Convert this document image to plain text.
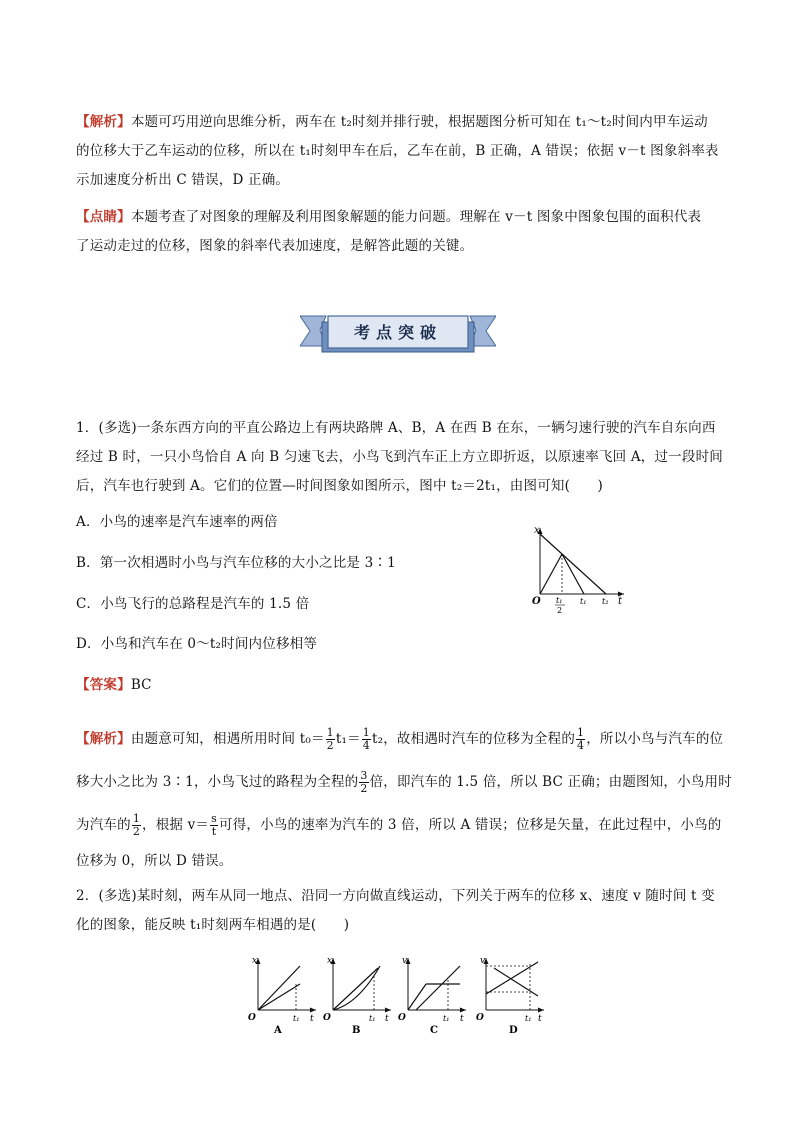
【解析】本题可巧用逆向思维分析，两车在 t₂时刻并排行驶，根据题图分析可知在 t₁～t₂时间内甲车运动
的位移大于乙车运动的位移，所以在 t₁时刻甲车在后，乙车在前，B 正确，A 错误；依据 v－t 图象斜率表
示加速度分析出 C 错误，D 正确。
【点睛】本题考查了对图象的理解及利用图象解题的能力问题。理解在 v－t 图象中图象包围的面积代表
了运动走过的位移，图象的斜率代表加速度，是解答此题的关键。
考点突破
1．(多选)一条东西方向的平直公路边上有两块路牌 A、B，A 在西 B 在东，一辆匀速行驶的汽车自东向西
经过 B 时，一只小鸟恰自 A 向 B 匀速飞去，小鸟飞到汽车正上方立即折返，以原速率飞回 A，过一段时间
后，汽车也行驶到 A。它们的位置—时间图象如图所示，图中 t₂＝2t₁，由图可知(　　)
A．小鸟的速率是汽车速率的两倍
B．第一次相遇时小鸟与汽车位移的大小之比是 3∶1
C．小鸟飞行的总路程是汽车的 1.5 倍
D．小鸟和汽车在 0～t₂时间内位移相等
x
t
O t₁
2
t₁ t₂
【答案】BC
【解析】由题意可知，相遇所用时间 $t_0= \frac{1}{2} t_1= \frac{1}{4} t_2$，故相遇时汽车的位移为全程的 $\frac{1}{4}$ ，所以小鸟与汽车的位
移大小之比为 3∶1，小鸟飞过的路程为全程的 $\frac{3}{2}$ 倍，即汽车的 1.5 倍，所以 BC 正确；由题图知，小鸟用时
为汽车的 $\frac{1}{2}$ ，根据 $v= \frac{s}{t}$ 可得，小鸟的速率为汽车的 3 倍，所以 A 错误；位移是矢量，在此过程中，小鸟的
位移为 0，所以 D 错误。
2．(多选)某时刻，两车从同一地点、沿同一方向做直线运动，下列关于两车的位移 x、速度 v 随时间 t 变
化的图象，能反映 t₁时刻两车相遇的是(　　)
x
t
O	t₁
A
x
t
O	t₁
B
v
t
O	t₁
C
v
t
O	t₁
D
